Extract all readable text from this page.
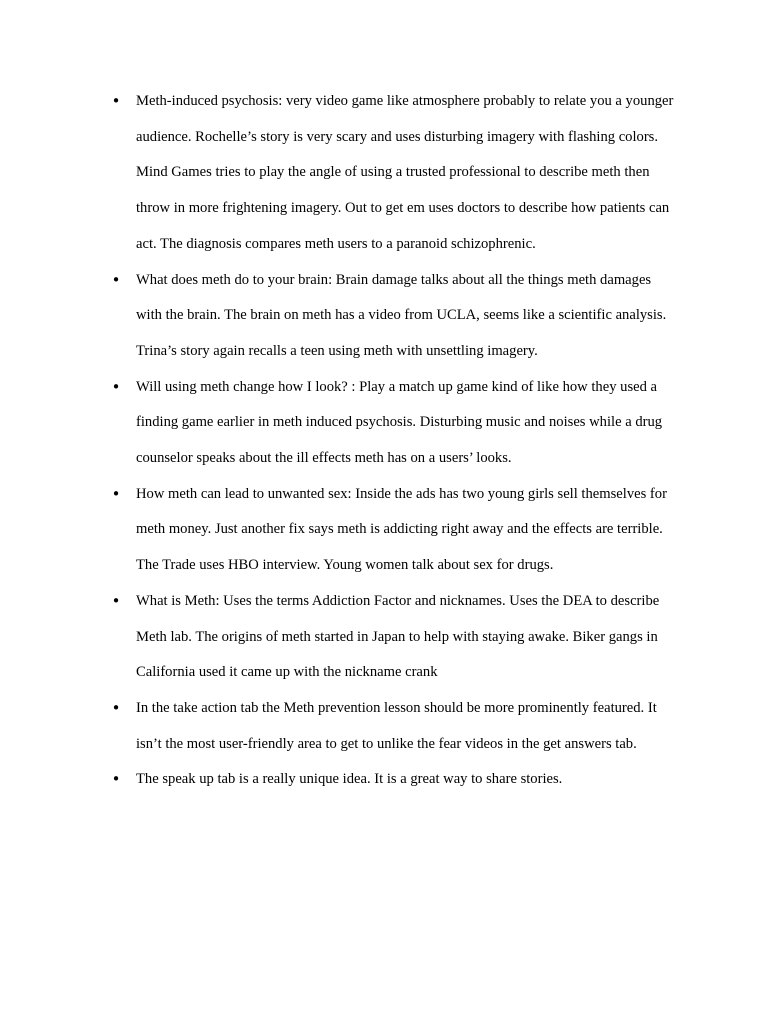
• Meth-induced psychosis: very video game like atmosphere probably to relate you a younger audience. Rochelle’s story is very scary and uses disturbing imagery with flashing colors. Mind Games tries to play the angle of using a trusted professional to describe meth then throw in more frightening imagery. Out to get em uses doctors to describe how patients can act. The diagnosis compares meth users to a paranoid schizophrenic.
• What does meth do to your brain: Brain damage talks about all the things meth damages with the brain. The brain on meth has a video from UCLA, seems like a scientific analysis. Trina’s story again recalls a teen using meth with unsettling imagery.
• Will using meth change how I look? : Play a match up game kind of like how they used a finding game earlier in meth induced psychosis. Disturbing music and noises while a drug counselor speaks about the ill effects meth has on a users’ looks.
• How meth can lead to unwanted sex: Inside the ads has two young girls sell themselves for meth money. Just another fix says meth is addicting right away and the effects are terrible. The Trade uses HBO interview. Young women talk about sex for drugs.
• What is Meth: Uses the terms Addiction Factor and nicknames. Uses the DEA to describe Meth lab. The origins of meth started in Japan to help with staying awake. Biker gangs in California used it came up with the nickname crank
• In the take action tab the Meth prevention lesson should be more prominently featured. It isn’t the most user-friendly area to get to unlike the fear videos in the get answers tab.
• The speak up tab is a really unique idea. It is a great way to share stories.
